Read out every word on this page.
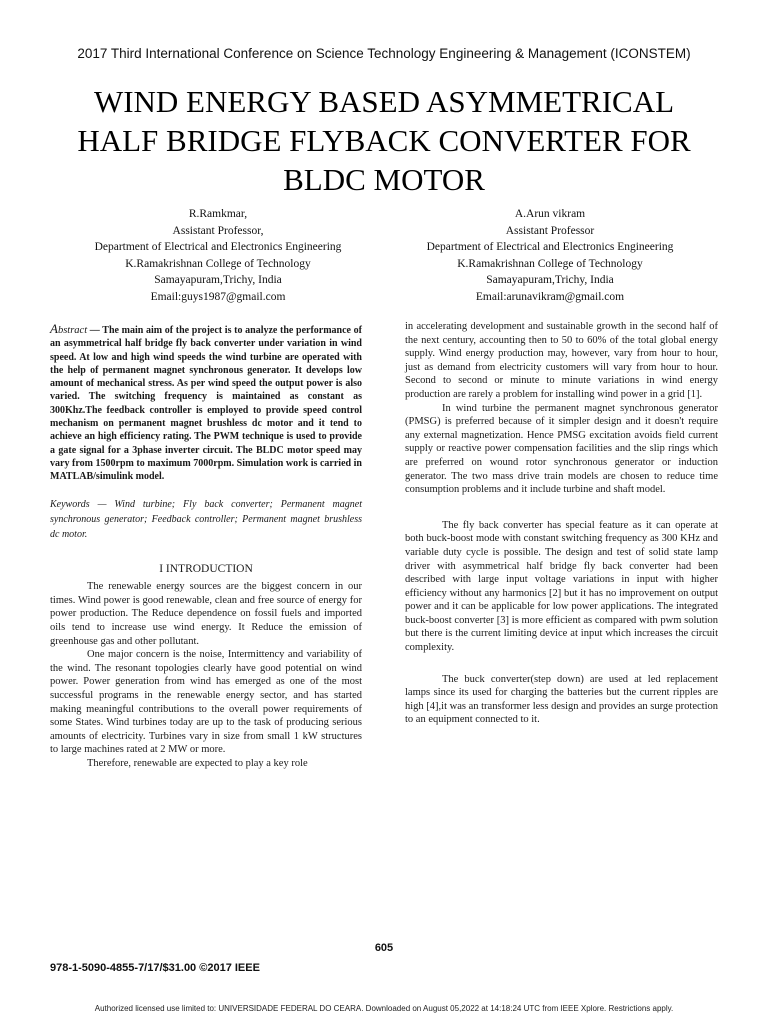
2017 Third International Conference on Science Technology Engineering & Management (ICONSTEM)
WIND ENERGY BASED ASYMMETRICAL
HALF BRIDGE FLYBACK CONVERTER FOR
BLDC MOTOR
R.Ramkmar,
Assistant Professor,
Department of Electrical and Electronics Engineering
K.Ramakrishnan College of Technology
Samayapuram,Trichy, India
Email:guys1987@gmail.com
A.Arun vikram
Assistant Professor
Department of Electrical and Electronics Engineering
K.Ramakrishnan College of Technology
Samayapuram,Trichy, India
Email:arunavikram@gmail.com

Abstract — The main aim of the project is to analyze the performance of an asymmetrical half bridge fly back converter under variation in wind speed. At low and high wind speeds the wind turbine are operated with the help of permanent magnet synchronous generator. It develops low amount of mechanical stress. As per wind speed the output power is also varied. The switching frequency is maintained as constant as 300Khz.The feedback controller is employed to provide speed control mechanism on permanent magnet brushless dc motor and it tend to achieve an high efficiency rating. The PWM technique is used to provide a gate signal for a 3phase inverter circuit. The BLDC motor speed may vary from 1500rpm to maximum 7000rpm. Simulation work is carried in MATLAB/simulink model.

Keywords — Wind turbine; Fly back converter; Permanent magnet synchronous generator; Feedback controller; Permanent magnet brushless dc motor.

I INTRODUCTION

The renewable energy sources are the biggest concern in our times. Wind power is good renewable, clean and free source of energy for power production. The Reduce dependence on fossil fuels and imported oils tend to increase use wind energy. It Reduce the emission of greenhouse gas and other pollutant.

One major concern is the noise, Intermittency and variability of the wind. The resonant topologies clearly have good potential on wind power. Power generation from wind has emerged as one of the most successful programs in the renewable energy sector, and has started making meaningful contributions to the overall power requirements of some States. Wind turbines today are up to the task of producing serious amounts of electricity. Turbines vary in size from small 1 kW structures to large machines rated at 2 MW or more.

Therefore, renewable are expected to play a key role

in accelerating development and sustainable growth in the second half of the next century, accounting then to 50 to 60% of the total global energy supply. Wind energy production may, however, vary from hour to hour, just as demand from electricity customers will vary from hour to hour. Second to second or minute to minute variations in wind energy production are rarely a problem for installing wind power in a grid [1].

In wind turbine the permanent magnet synchronous generator (PMSG) is preferred because of it simpler design and it doesn't require any external magnetization. Hence PMSG excitation avoids field current supply or reactive power compensation facilities and the slip rings which are preferred on wound rotor synchronous generator or induction generator. The two mass drive train models are chosen to reduce time consumption problems and it include turbine and shaft model.

The fly back converter has special feature as it can operate at both buck-boost mode with constant switching frequency as 300 KHz and variable duty cycle is possible. The design and test of solid state lamp driver with asymmetrical half bridge fly back converter had been described with large input voltage variations in input with higher efficiency without any harmonics [2] but it has no improvement on output power and it can be applicable for low power applications. The integrated buck-boost converter [3] is more efficient as compared with pwm solution but there is the current limiting device at input which increases the circuit complexity.

The buck converter(step down) are used at led replacement lamps since its used for charging the batteries but the current ripples are high [4],it was an transformer less design and provides an surge protection to an equipment connected to it.

605
978-1-5090-4855-7/17/$31.00 ©2017 IEEE
Authorized licensed use limited to: UNIVERSIDADE FEDERAL DO CEARA. Downloaded on August 05,2022 at 14:18:24 UTC from IEEE Xplore. Restrictions apply.
